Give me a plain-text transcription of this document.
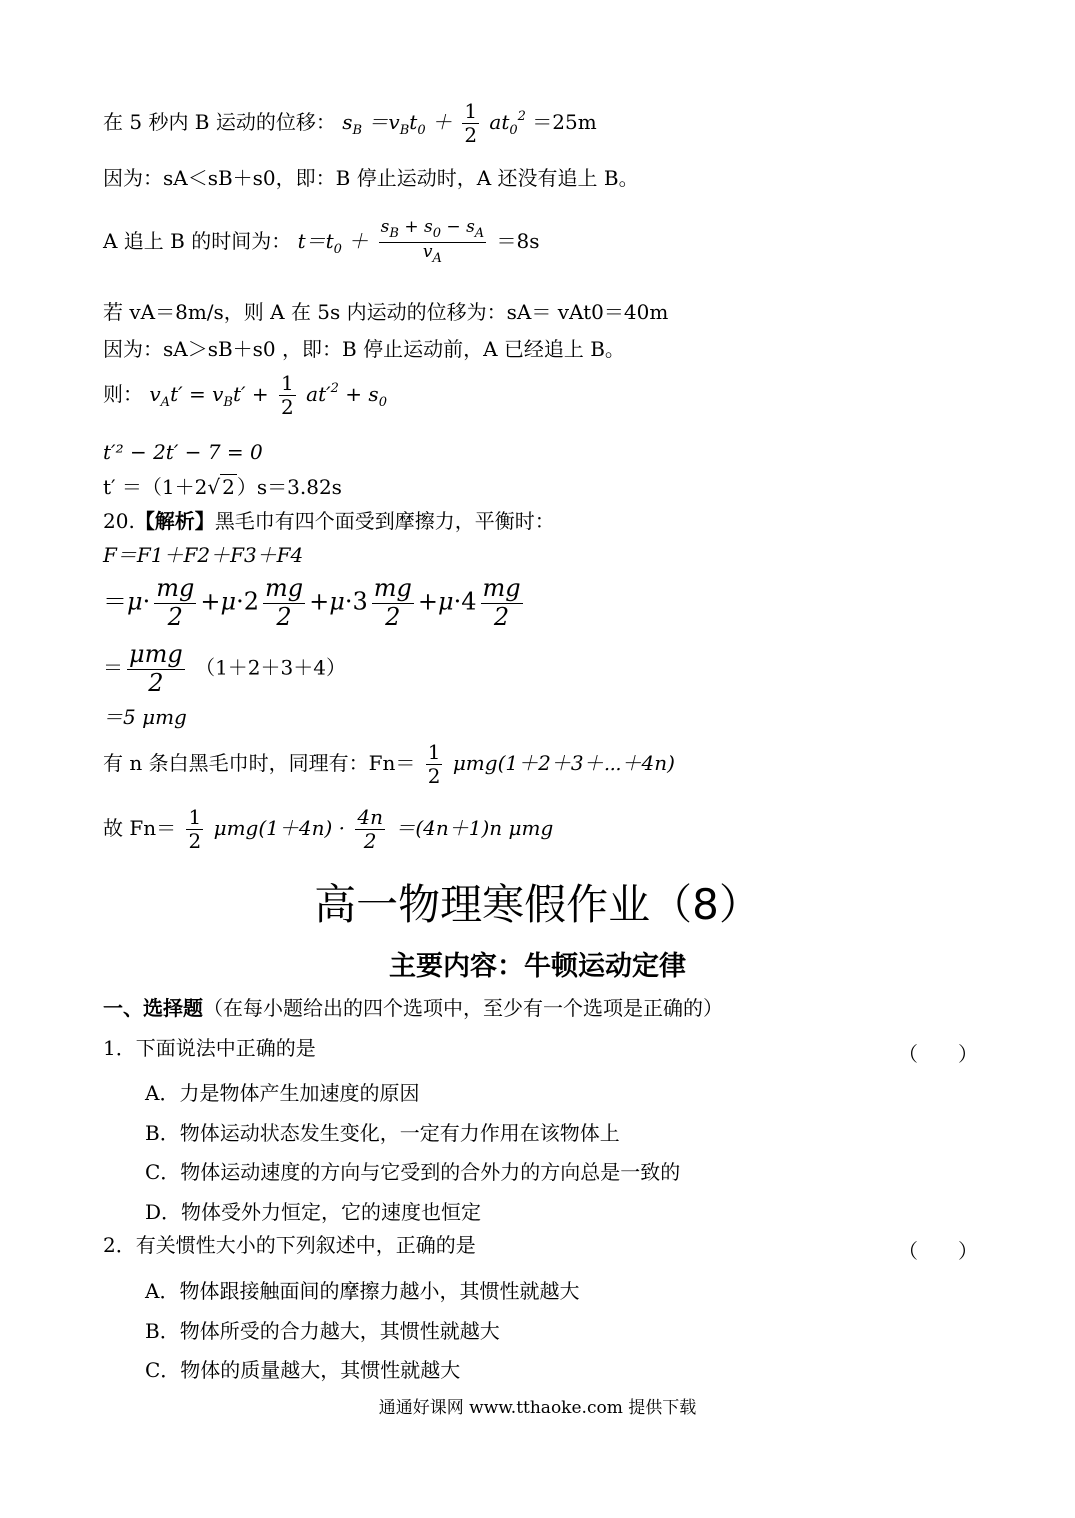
在 5 秒内 B 运动的位移： $s_B =v_Bt_0 + \frac{1}{2} at_0^2 =25m$
因为：sA＜sB＋s0，即：B 停止运动时，A 还没有追上 B。
A 追上 B 的时间为： $t=t_0 + \frac{s_B + s_0 - s_A}{v_A} =8s$
若 vA＝8m/s，则 A 在 5s 内运动的位移为：sA＝ vAt0＝40m
因为：sA＞sB＋s0 ，即：B 停止运动前，A 已经追上 B。
则： $v_At' = v_Bt' + \frac{1}{2} at'^2 + s_0$
t′² − 2t′ − 7 = 0
t′ ＝（1＋2√ 2 ）s＝3.82s
20.【解析】黑毛巾有四个面受到摩擦力，平衡时：
F＝F1＋F2＋F3＋F4
$=\mu\cdot \frac{mg}{2} +\mu\cdot 2 \frac{mg}{2} +\mu\cdot 3 \frac{mg}{2} +\mu\cdot 4 \frac{mg}{2}$
＝ $\frac{\text{μmg}}{2} (1+2+3+4)$
＝5 μmg
有 n 条白黑毛巾时，同理有：$Fn= \frac{1}{2}$ μmg(1＋2＋3＋⋯＋4n)
故 $Fn= \frac{1}{2} \mu mg(1+4n) \cdot \frac{4n}{2} =(4n+1)n$ μmg
高一物理寒假作业（8）
主要内容：牛顿运动定律
一、选择题（在每小题给出的四个选项中，至少有一个选项是正确的）
1．下面说法中正确的是	（　　）
A．力是物体产生加速度的原因
B．物体运动状态发生变化，一定有力作用在该物体上
C．物体运动速度的方向与它受到的合外力的方向总是一致的
D．物体受外力恒定，它的速度也恒定
2．有关惯性大小的下列叙述中，正确的是	（　　）
A．物体跟接触面间的摩擦力越小，其惯性就越大
B．物体所受的合力越大，其惯性就越大
C．物体的质量越大，其惯性就越大
通通好课网 www.tthaoke.com 提供下载
